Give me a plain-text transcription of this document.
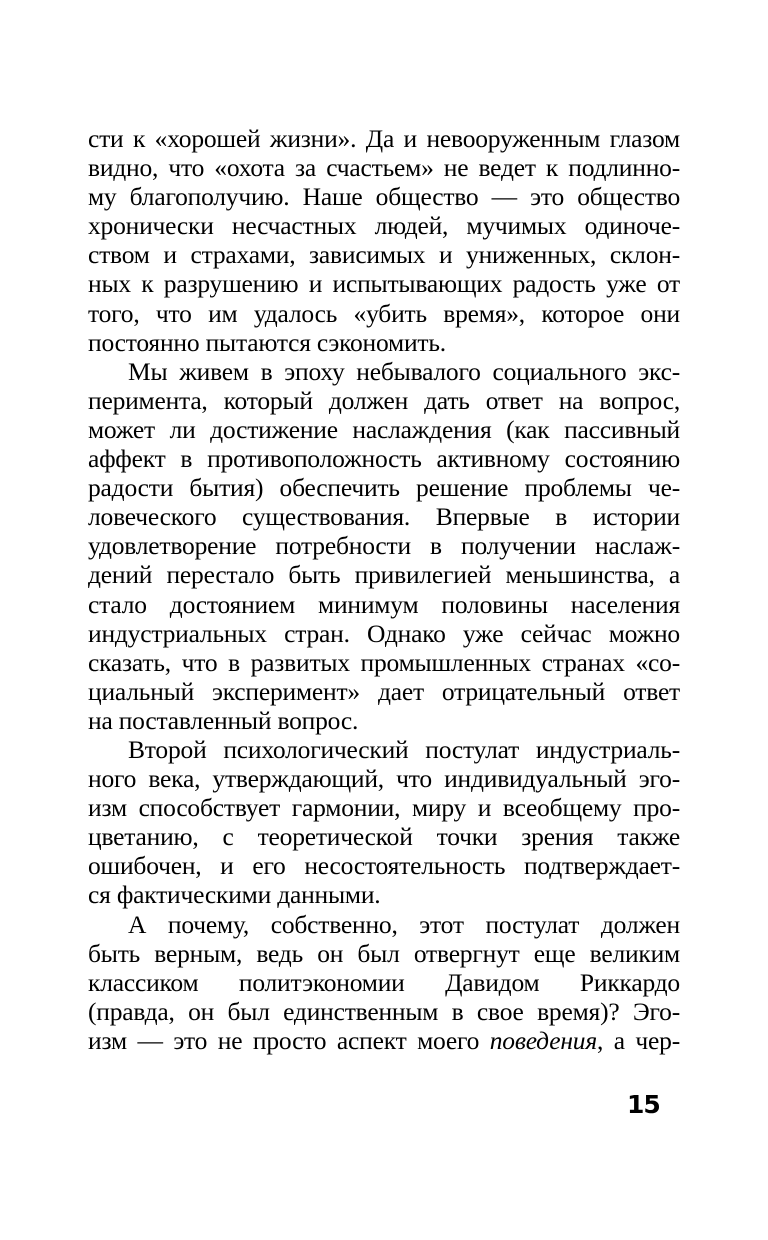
сти к «хорошей жизни». Да и невооруженным глазом
видно, что «охота за счастьем» не ведет к подлинно-
му благополучию. Наше общество — это общество
хронически несчастных людей, мучимых одиноче-
ством и страхами, зависимых и униженных, склон-
ных к разрушению и испытывающих радость уже от
того, что им удалось «убить время», которое они
постоянно пытаются сэкономить.
Мы живем в эпоху небывалого социального экс-
перимента, который должен дать ответ на вопрос,
может ли достижение наслаждения (как пассивный
аффект в противоположность активному состоянию
радости бытия) обеспечить решение проблемы че-
ловеческого существования. Впервые в истории
удовлетворение потребности в получении наслаж-
дений перестало быть привилегией меньшинства, а
стало достоянием минимум половины населения
индустриальных стран. Однако уже сейчас можно
сказать, что в развитых промышленных странах «со-
циальный эксперимент» дает отрицательный ответ
на поставленный вопрос.
Второй психологический постулат индустриаль-
ного века, утверждающий, что индивидуальный эго-
изм способствует гармонии, миру и всеобщему про-
цветанию, с теоретической точки зрения также
ошибочен, и его несостоятельность подтверждает-
ся фактическими данными.
А почему, собственно, этот постулат должен
быть верным, ведь он был отвергнут еще великим
классиком политэкономии Давидом Риккардо
(правда, он был единственным в свое время)? Эго-
изм — это не просто аспект моего поведения, а чер-
15
